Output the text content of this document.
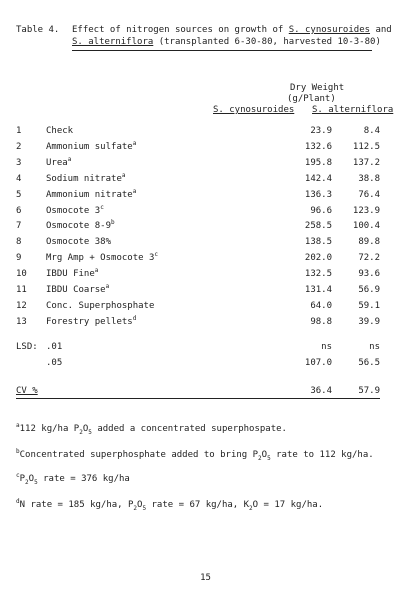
Table 4. Effect of nitrogen sources on growth of S. cynosuroides and
S. alterniflora (transplanted 6-30-80, harvested 10-3-80)
Dry Weight
(g/Plant)
S. cynosuroides S. alterniflora
1	Check	23.9	8.4
2	Ammonium sulfate$^a$	132.6 112.5
3	Urea$^a$	195.8 137.2
4	Sodium nitrate$^a$	142.4	38.8
5	Ammonium nitrate$^a$	136.3	76.4
6	Osmocote 3$^c$	96.6 123.9
7	Osmocote 8-9$^b$	258.5 100.4
8	Osmocote 38%	138.5	89.8
9	Mrg Amp + Osmocote 3$^c$	202.0	72.2
10	IBDU Fine$^a$	132.5	93.6
11	IBDU Coarse$^a$	131.4	56.9
12	Conc. Superphosphate	64.0	59.1
13	Forestry pellets$^d$	98.8	39.9
LSD: .01	ns	ns
.05	107.0	56.5
CV %	36.4	57.9
$^a$112 kg/ha $P_2O_5$ added a concentrated superphospate.
$^b$Concentrated superphosphate added to bring $P_2O_5$ rate to 112 kg/ha.
$^cP_2O_5$ rate = 376 kg/ha
$^d$N rate = 185 kg/ha, $P_2O_5$ rate = 67 kg/ha, $K_2O = 17$ kg/ha.
15
